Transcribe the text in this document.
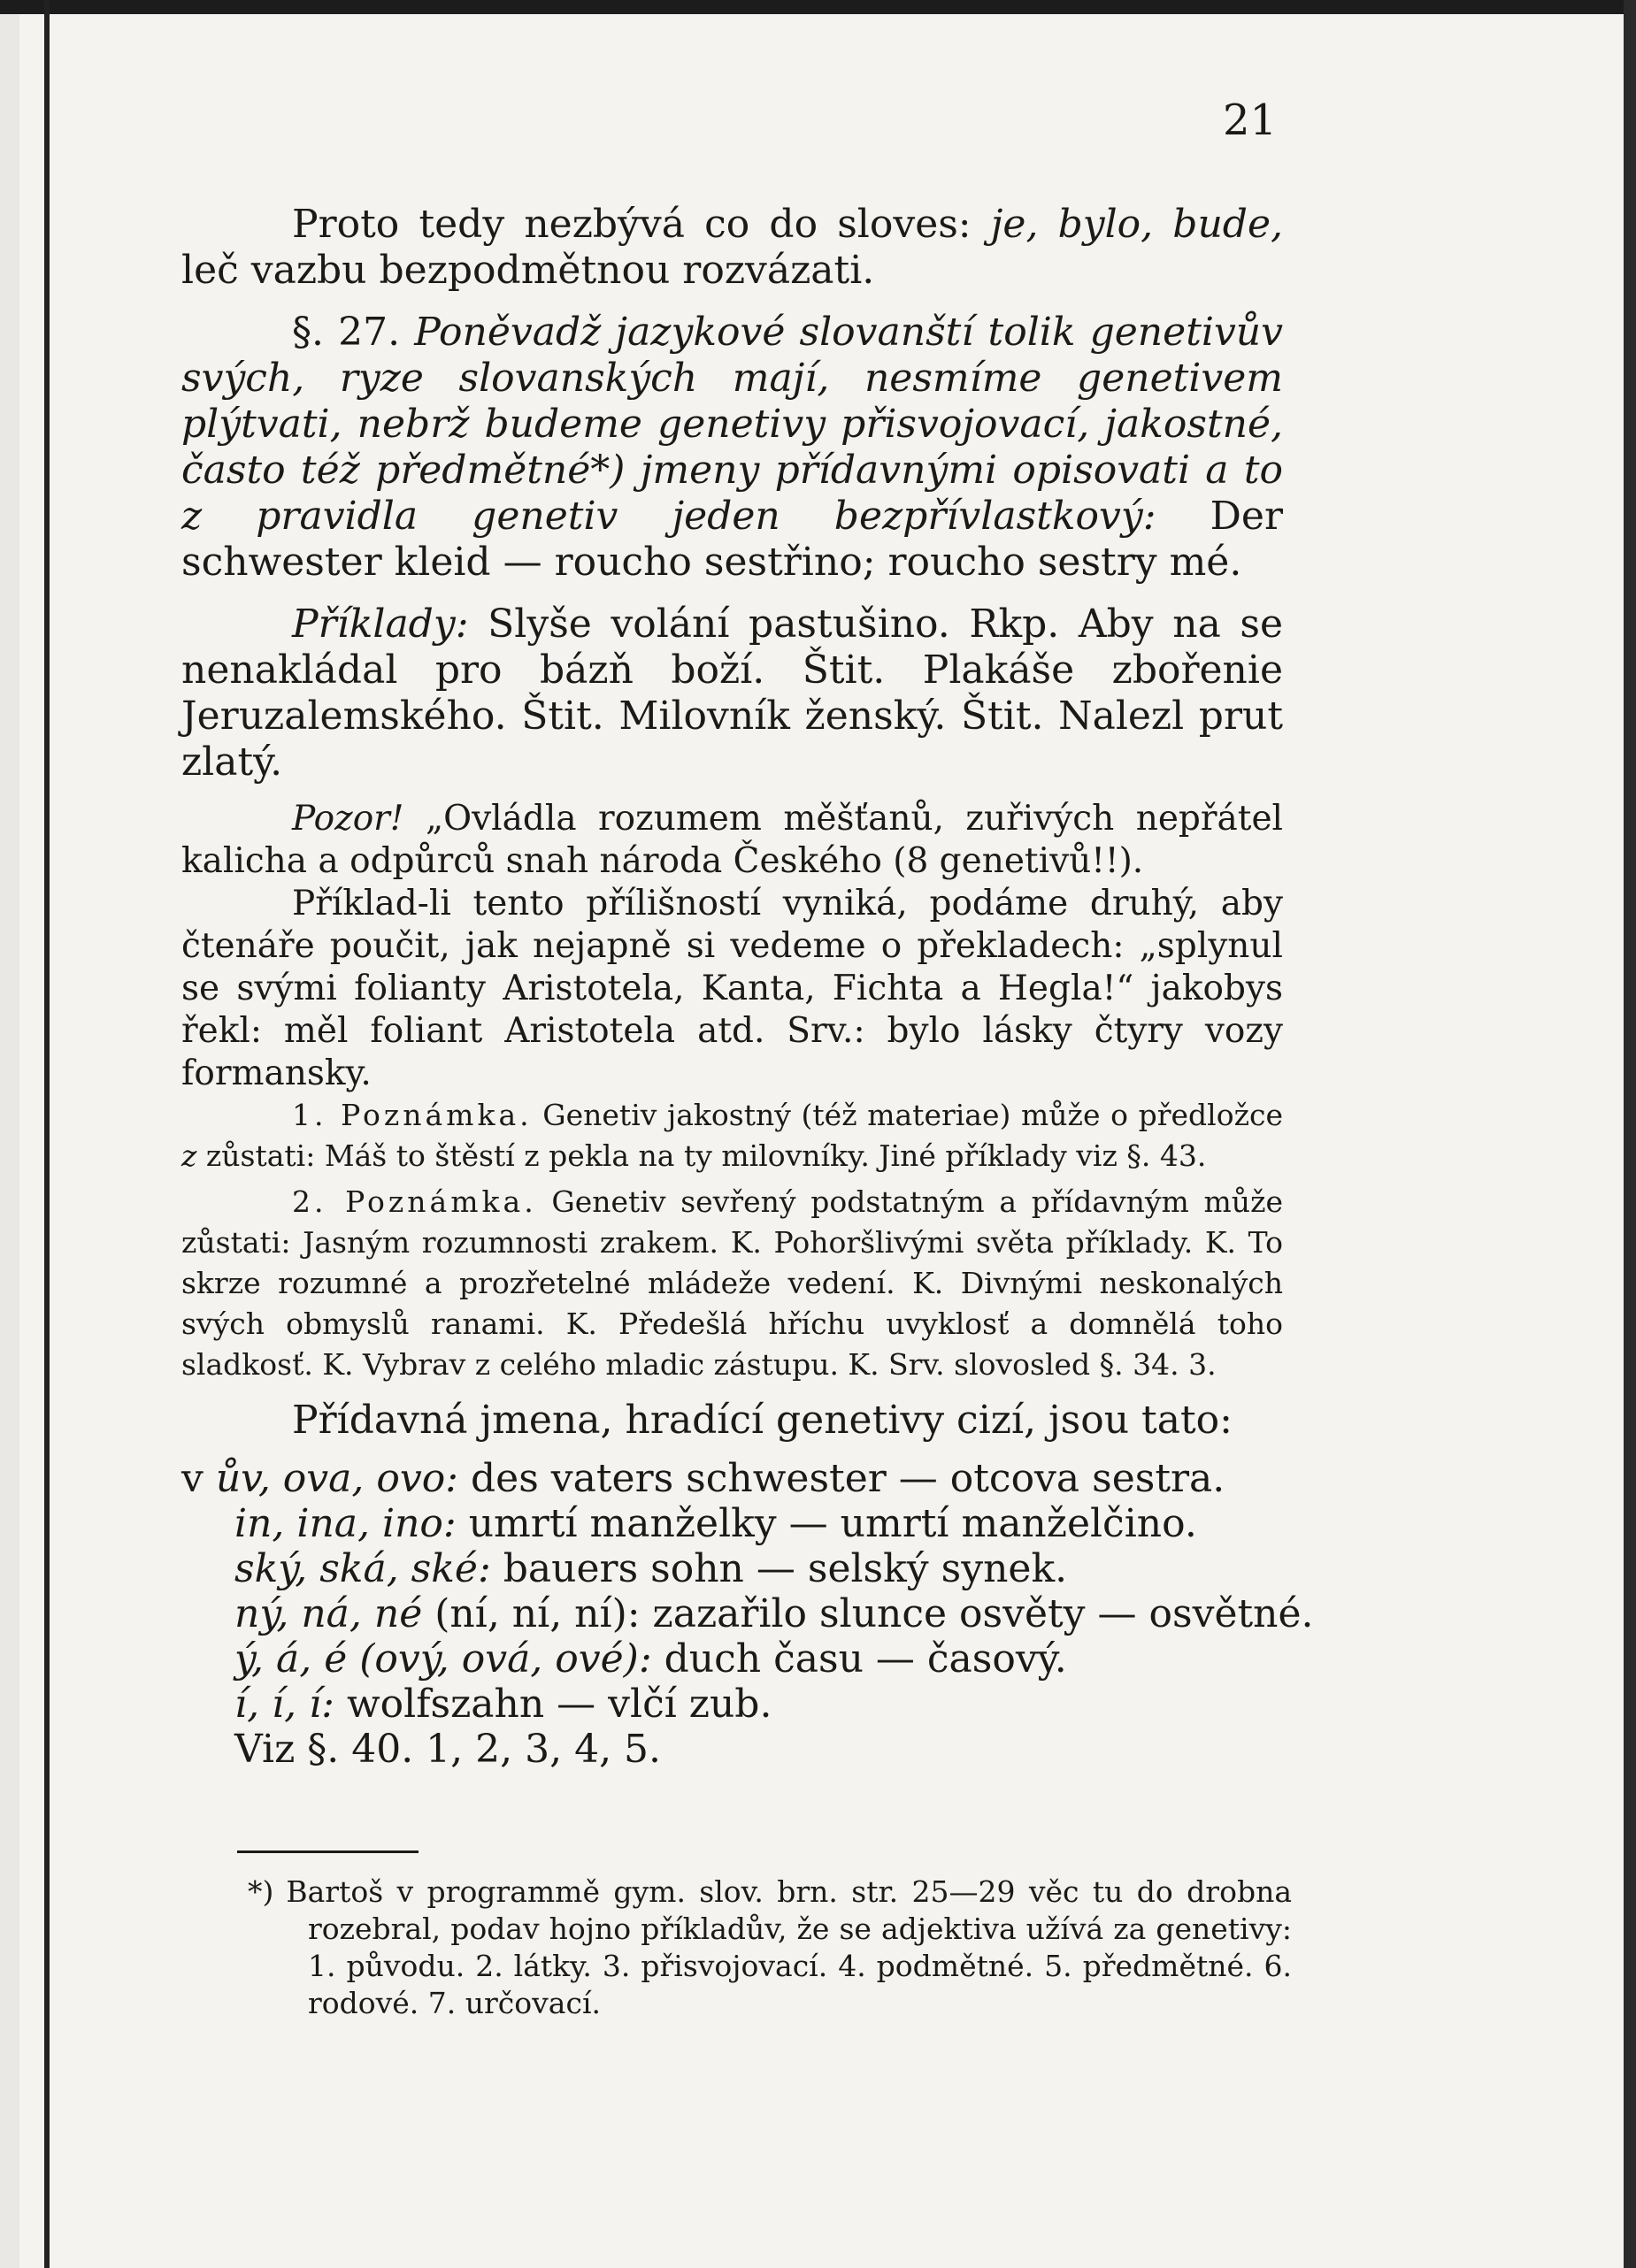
21

Proto tedy nezbývá co do sloves: je, bylo, bude, leč vazbu bezpodmětnou rozvázati.

§. 27. Poněvadž jazykové slovanští tolik genetivův svých, ryze slovanských mají, nesmíme genetivem plýtvati, nebrž budeme genetivy přisvojovací, jakostné, často též předmětné*) jmeny přídavnými opisovati a to z pravidla genetiv jeden bezpřívlastkový: Der schwester kleid — roucho sestřino; roucho sestry mé.

Příklady: Slyše volání pastušino. Rkp. Aby na se nenakládal pro bázň boží. Štit. Plakáše zbořenie Jeruzalemského. Štit. Milovník ženský. Štit. Nalezl prut zlatý.

Pozor! „Ovládla rozumem měšťanů, zuřivých nepřátel kalicha a odpůrců snah národa Českého (8 genetivů!!).

Příklad-li tento přílišností vyniká, podáme druhý, aby čtenáře poučit, jak nejapně si vedeme o překladech: „splynul se svými folianty Aristotela, Kanta, Fichta a Hegla!“ jakobys řekl: měl foliant Aristotela atd. Srv.: bylo lásky čtyry vozy formansky.

1. Poznámka. Genetiv jakostný (též materiae) může o předložce z zůstati: Máš to štěstí z pekla na ty milovníky. Jiné příklady viz §. 43.

2. Poznámka. Genetiv sevřený podstatným a přídavným může zůstati: Jasným rozumnosti zrakem. K. Pohoršlivými světa příklady. K. To skrze rozumné a prozřetelné mládeže vedení. K. Divnými neskonalých svých obmyslů ranami. K. Předešlá hříchu uvyklosť a domnělá toho sladkosť. K. Vybrav z celého mladic zástupu. K. Srv. slovosled §. 34. 3.

Přídavná jmena, hradící genetivy cizí, jsou tato:

v ův, ova, ovo: des vaters schwester — otcova sestra.
in, ina, ino: umrtí manželky — umrtí manželčino.
ský, ská, ské: bauers sohn — selský synek.
ný, ná, né (ní, ní, ní): zazařilo slunce osvěty — osvětné.
ý, á, é (ový, ová, ové): duch času — časový.
í, í, í: wolfszahn — vlčí zub.
Viz §. 40. 1, 2, 3, 4, 5.
*) Bartoš v programmě gym. slov. brn. str. 25—29 věc tu do drobna rozebral, podav hojno příkladův, že se adjektiva užívá za genetivy: 1. původu. 2. látky. 3. přisvojovací. 4. podmětné. 5. předmětné. 6. rodové. 7. určovací.
